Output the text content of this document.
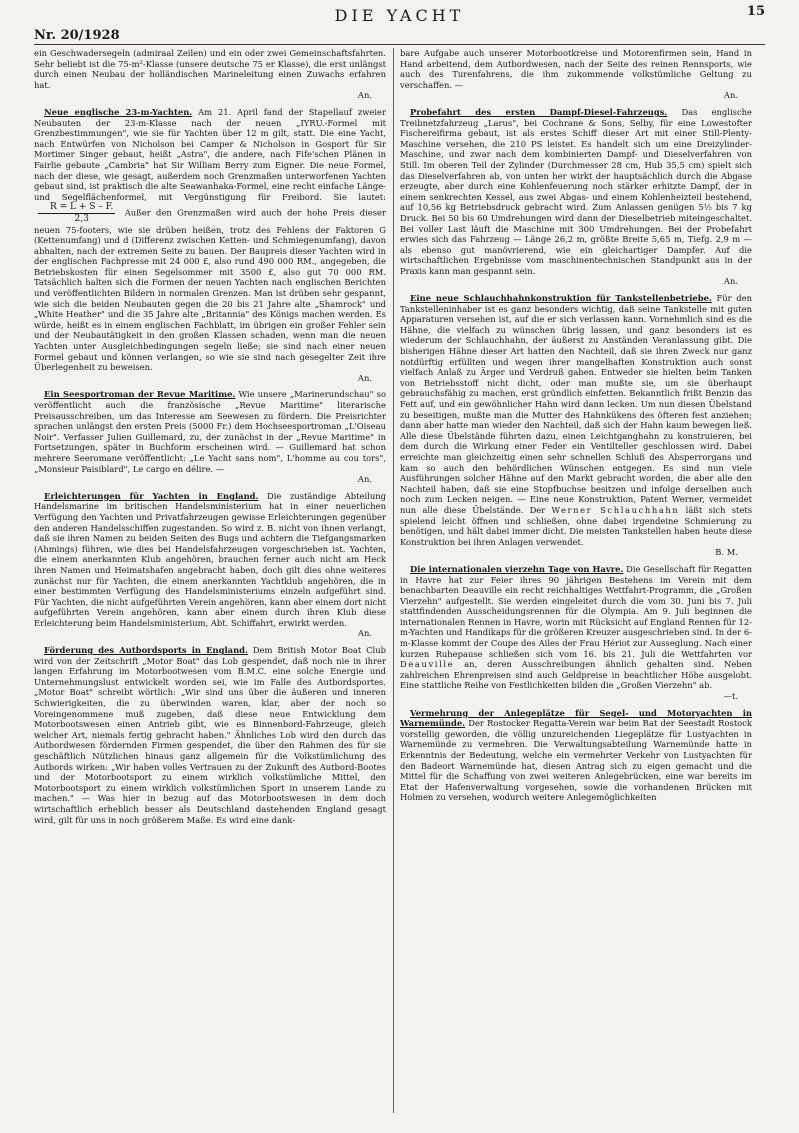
Nr. 20/1928
DIE YACHT	15

ein Geschwadersegeln (admiraal Zeilen) und ein oder zwei Gemeinschaftsfahrten. Sehr beliebt ist die 75-m²-Klasse (unsere deutsche 75 er Klasse), die erst unlängst durch einen Neubau der holländischen Marineleitung einen Zuwachs erfahren hat.
An.

Neue englische 23-m-Yachten. Am 21. April fand der Stapellauf zweier Neubauten der 23-m-Klasse nach der neuen „IYRU.-Formel mit Grenzbestimmungen", wie sie für Yachten über 12 m gilt, statt. Die eine Yacht, nach Entwürfen von Nicholson bei Camper & Nicholson in Gosport für Sir Mortimer Singer gebaut, heißt „Astra", die andere, nach Fife'schen Plänen in Fairlie gebaute „Cambria" hat Sir William Berry zum Eigner. Die neue Formel, nach der diese, wie gesagt, außerdem noch Grenzmaßen unterworfenen Yachten gebaut sind, ist praktisch die alte Seawanhaka-Formel, eine recht einfache Länge- und Segelflächenformel, mit Vergünstigung für Freibord. Sie lautet:
$\frac{R = L + S - F.}{2,3}$ Außer den Grenzmaßen wird auch der hohe Preis dieser neuen 75-footers, wie sie drüben heißen, trotz des Fehlens der Faktoren G (Kettenumfang) und d (Differenz zwischen Ketten- und Schmiegenumfang), davon abhalten, nach der extremen Seite zu bauen. Der Baupreis dieser Yachten wird in der englischen Fachpresse mit 24 000 £, also rund 490 000 RM., angegeben, die Betriebskosten für einen Segelsommer mit 3500 £, also gut 70 000 RM. Tatsächlich halten sich die Formen der neuen Yachten nach englischen Berichten und veröffentlichten Bildern in normalen Grenzen. Man ist drüben sehr gespannt, wie sich die beiden Neubauten gegen die 20 bis 21 Jahre alte „Shamrock" und „White Heather" und die 35 Jahre alte „Britannia" des Königs machen werden. Es würde, heißt es in einem englischen Fachblatt, im übrigen ein großer Fehler sein und der Neubautätigkeit in den großen Klassen schaden, wenn man die neuen Yachten unter Ausgleichbedingungen segeln ließe; sie sind nach einer neuen Formel gebaut und können verlangen, so wie sie sind nach gesegelter Zeit ihre Überlegenheit zu beweisen.
An.

Ein Seesportroman der Revue Maritime. Wie unsere „Marinerundschau" so veröffentlicht auch die französische „Revue Maritime" literarische Preisausschreiben, um das Interesse am Seewesen zu fördern. Die Preisrichter sprachen unlängst den ersten Preis (5000 Fr.) dem Hochseesportroman „L'Oiseau Noir". Verfasser Julien Guillemard, zu, der zunächst in der „Revue Maritime" in Fortsetzungen, später in Buchform erscheinen wird. — Guillemard hat schon mehrere Seeromane veröffentlicht: „Le Yacht sans nom", L'homme au cou tors", „Monsieur Paisiblard", Le cargo en délire. —
An.

Erleichterungen für Yachten in England. Die zuständige Abteilung Handelsmarine im britischen Handelsministerium hat in einer neuerlichen Verfügung den Yachten und Privatfahrzeugen gewisse Erleichterungen gegenüber den anderen Handelsschiffen zugestanden. So wird z. B. nicht von ihnen verlangt, daß sie ihren Namen zu beiden Seiten des Bugs und achtern die Tiefgangsmarken (Ahmings) führen, wie dies bei Handelsfahrzeugen vorgeschrieben ist. Yachten, die einem anerkannten Klub angehören, brauchen ferner auch nicht am Heck ihren Namen und Heimatshafen angebracht haben, doch gilt dies ohne weiteres zunächst nur für Yachten, die einem anerkannten Yachtklub angehören, die in einer bestimmten Verfügung des Handelsministeriums einzeln aufgeführt sind. Für Yachten, die nicht aufgeführten Verein angehören, kann aber einem dort nicht aufgeführten Verein angehören, kann aber einem durch ihren Klub diese Erleichterung beim Handelsministerium, Abt. Schiffahrt, erwirkt werden.
An.

Förderung des Autbordsports in England. Dem British Motor Boat Club wird von der Zeitschrift „Motor Boat" das Lob gespendet, daß noch nie in ihrer langen Erfahrung im Motorbootwesen vom B.M.C. eine solche Energie und Unternehmungslust entwickelt worden sei, wie im Falle des Autbordsportes. „Motor Boat" schreibt wörtlich: „Wir sind uns über die äußeren und inneren Schwierigkeiten, die zu überwinden waren, klar, aber der noch so Voreingenommene muß zugeben, daß diese neue Entwicklung dem Motorbootswesen einen Antrieb gibt, wie es Binnenbord-Fahrzeuge, gleich welcher Art, niemals fertig gebracht haben." Ähnliches Lob wird den durch das Autbordwesen fördernden Firmen gespendet, die über den Rahmen des für sie geschäftlich Nützlichen hinaus ganz allgemein für die Volkstümlichung des Autbords wirken: „Wir haben volles Vertrauen zu der Zukunft des Autbord-Bootes und der Motorbootsport zu einem wirklich volkstümliche Mittel, den Motorbootsport zu einem wirklich volkstümlichen Sport in unserem Lande zu machen." — Was hier in bezug auf das Motorbootswesen in dem doch wirtschaftlich erheblich besser als Deutschland dastehenden England gesagt wird, gilt für uns in noch größerem Maße. Es wird eine dank-

bare Aufgabe auch unserer Motorbootkreise und Motorenfirmen sein, Hand in Hand arbeitend, dem Autbordwesen, nach der Seite des reinen Rennsports, wie auch des Turenfahrens, die ihm zukommende volkstümliche Geltung zu verschaffen. —
An.

Probefahrt des ersten Dampf-Diesel-Fahrzeugs. Das englische Treibnetzfahrzeug „Larus", bei Cochrane & Sons, Selby, für eine Lowestofter Fischereifirma gebaut, ist als erstes Schiff dieser Art mit einer Still-Plenty-Maschine versehen, die 210 PS leistet. Es handelt sich um eine Dreizylinder-Maschine, und zwar nach dem kombinierten Dampf- und Dieselverfahren von Still. Im oberen Teil der Zylinder (Durchmesser 28 cm, Hub 35,5 cm) spielt sich das Dieselverfahren ab, von unten her wirkt der hauptsächlich durch die Abgase erzeugte, aber durch eine Kohlenfeuerung noch stärker erhitzte Dampf, der in einem senkrechten Kessel, aus zwei Abgas- und einem Kohlenheizteil bestehend, auf 10,56 kg Betriebsdruck gebracht wird. Zum Anlassen genügen 5½ bis 7 kg Druck. Bei 50 bis 60 Umdrehungen wird dann der Dieselbetrieb miteingeschaltet. Bei voller Last läuft die Maschine mit 300 Umdrehungen. Bei der Probefahrt erwies sich das Fahrzeug — Länge 26,2 m, größte Breite 5,65 m, Tiefg. 2,9 m — als ebenso gut manövrierend, wie ein gleichartiger Dampfer. Auf die wirtschaftlichen Ergebnisse vom maschinentechnischen Standpunkt aus in der Praxis kann man gespannt sein.
An.

Eine neue Schlauchhahnkonstruktion für Tankstellenbetriebe. Für den Tankstelleninhaber ist es ganz besonders wichtig, daß seine Tankstelle mit guten Apparaturen versehen ist, auf die er sich verlassen kann. Vornehmlich sind es die Hähne, die vielfach zu wünschen übrig lassen, und ganz besonders ist es wiederum der Schlauchhahn, der äußerst zu Anständen Veranlassung gibt. Die bisherigen Hähne dieser Art hatten den Nachteil, daß sie ihren Zweck nur ganz notdürftig erfüllten und wegen ihrer mangelhaften Konstruktion auch sonst vielfach Anlaß zu Ärger und Verdruß gaben. Entweder sie hielten beim Tanken von Betriebsstoff nicht dicht, oder man mußte sie, um sie überhaupt gebrauchsfähig zu machen, erst gründlich einfetten. Bekanntlich frißt Benzin das Fett auf, und ein gewöhnlicher Hahn wird dann lecken. Um nun diesen Übelstand zu beseitigen, mußte man die Mutter des Hahnkükens des öfteren fest anziehen; dann aber hatte man wieder den Nachteil, daß sich der Hahn kaum bewegen ließ. Alle diese Übelstände führten dazu, einen Leichtganghahn zu konstruieren, bei dem durch die Wirkung einer Feder ein Ventilteller geschlossen wird. Dabei erreichte man gleichzeitig einen sehr schnellen Schluß des Absperrorgans und kam so auch den behördlichen Wünschen entgegen. Es sind nun viele Ausführungen solcher Hähne auf den Markt gebracht worden, die aber alle den Nachteil haben, daß sie eine Stopfbuchse besitzen und infolge derselben auch noch zum Lecken neigen. — Eine neue Konstruktion, Patent Werner, vermeidet nun alle diese Übelstände. Der Werner Schlauchhahn läßt sich stets spielend leicht öffnen und schließen, ohne dabei irgendeine Schmierung zu benötigen, und hält dabei immer dicht. Die meisten Tankstellen haben heute diese Konstruktion bei ihren Anlagen verwendet.
B. M.

Die internationalen vierzehn Tage von Havre. Die Gesellschaft für Regatten in Havre hat zur Feier ihres 90 jährigen Bestehens im Verein mit dem benachbarten Deauville ein recht reichhaltiges Wettfahrt-Programm, die „Großen Vierzehn" aufgestellt. Sie werden eingeleitet durch die vom 30. Juni bis 7. Juli stattfindenden Ausscheidungsrennen für die Olympia. Am 9. Juli beginnen die internationalen Rennen in Havre, worin mit Rücksicht auf England Rennen für 12-m-Yachten und Handikaps für die größeren Kreuzer ausgeschrieben sind. In der 6-m-Klasse kommt der Coupe des Ailes der Frau Hériot zur Ausseglung. Nach einer kurzen Ruhepause schließen sich vom 16. bis 21. Juli die Wettfahrten vor Deauville an, deren Ausschreibungen ähnlich gehalten sind. Neben zahlreichen Ehrenpreisen sind auch Geldpreise in beachtlicher Höhe ausgelobt. Eine stattliche Reihe von Festlichkeiten bilden die „Großen Vierzehn" ab.
—t.

Vermehrung der Anlegeplätze für Segel- und Motoryachten in Warnemünde. Der Rostocker Regatta-Verein war beim Rat der Seestadt Rostock vorstellig geworden, die völlig unzureichenden Liegeplätze für Lustyachten in Warnemünde zu vermehren. Die Verwaltungsabteilung Warnemünde hatte in Erkenntnis der Bedeutung, welche ein vermehrter Verkehr von Lustyachten für den Badeort Warnemünde hat, diesen Antrag sich zu eigen gemacht und die Mittel für die Schaffung von zwei weiteren Anlegebrücken, eine war bereits im Etat der Hafenverwaltung vorgesehen, sowie die vorhandenen Brücken mit Holmen zu versehen, wodurch weitere Anlegemöglichkeiten
